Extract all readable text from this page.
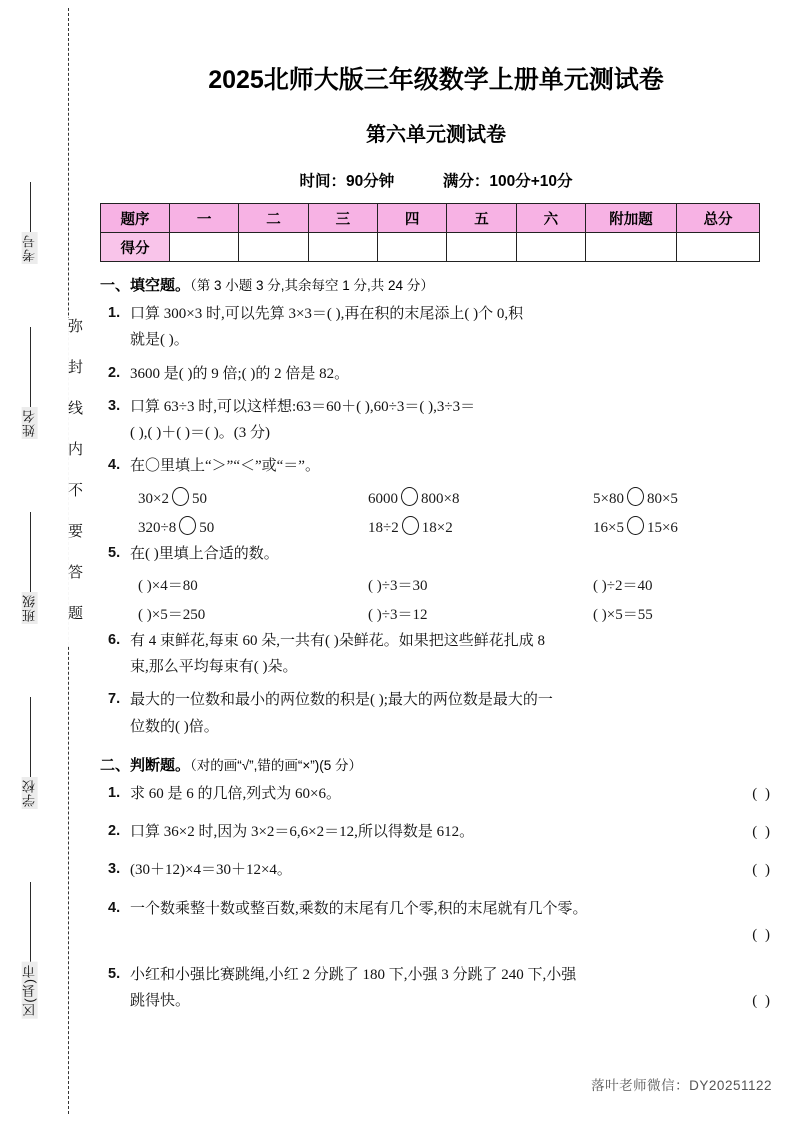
考号
姓名
班级
学校
区(县)市
弥封线内不要答题
2025北师大版三年级数学上册单元测试卷
第六单元测试卷
时间：90分钟	满分：100分+10分
题序	一	二	三	四	五	六	附加题	总分
得分								
一、填空题。（第 3 小题 3 分,其余每空 1 分,共 24 分）
1. 口算 300×3 时,可以先算 3×3＝( ),再在积的末尾添上( )个 0,积
就是( )。
2. 3600 是( )的 9 倍;( )的 2 倍是 82。
3. 口算 63÷3 时,可以这样想:63＝60＋( ),60÷3＝( ),3÷3＝
( ),( )＋( )＝( )。(3 分)
4. 在〇里填上“＞”“＜”或“＝”。
30×2 50	6000 800×8	5×80 80×5
320÷8 50	18÷2 18×2	16×5 15×6
5. 在( )里填上合适的数。
( )×4＝80	( )÷3＝30	( )÷2＝40
( )×5＝250	( )÷3＝12	( )×5＝55
6. 有 4 束鲜花,每束 60 朵,一共有( )朵鲜花。如果把这些鲜花扎成 8
束,那么平均每束有( )朵。
7. 最大的一位数和最小的两位数的积是( );最大的两位数是最大的一
位数的( )倍。
二、判断题。（对的画“√”,错的画“×”)(5 分）
1. 求 60 是 6 的几倍,列式为 60×6。	( )
2. 口算 36×2 时,因为 3×2＝6,6×2＝12,所以得数是 612。	( )
3. (30＋12)×4＝30＋12×4。	( )
4. 一个数乘整十数或整百数,乘数的末尾有几个零,积的末尾就有几个零。
( )
5. 小红和小强比赛跳绳,小红 2 分跳了 180 下,小强 3 分跳了 240 下,小强
跳得快。	( )
落叶老师微信：DY20251122
